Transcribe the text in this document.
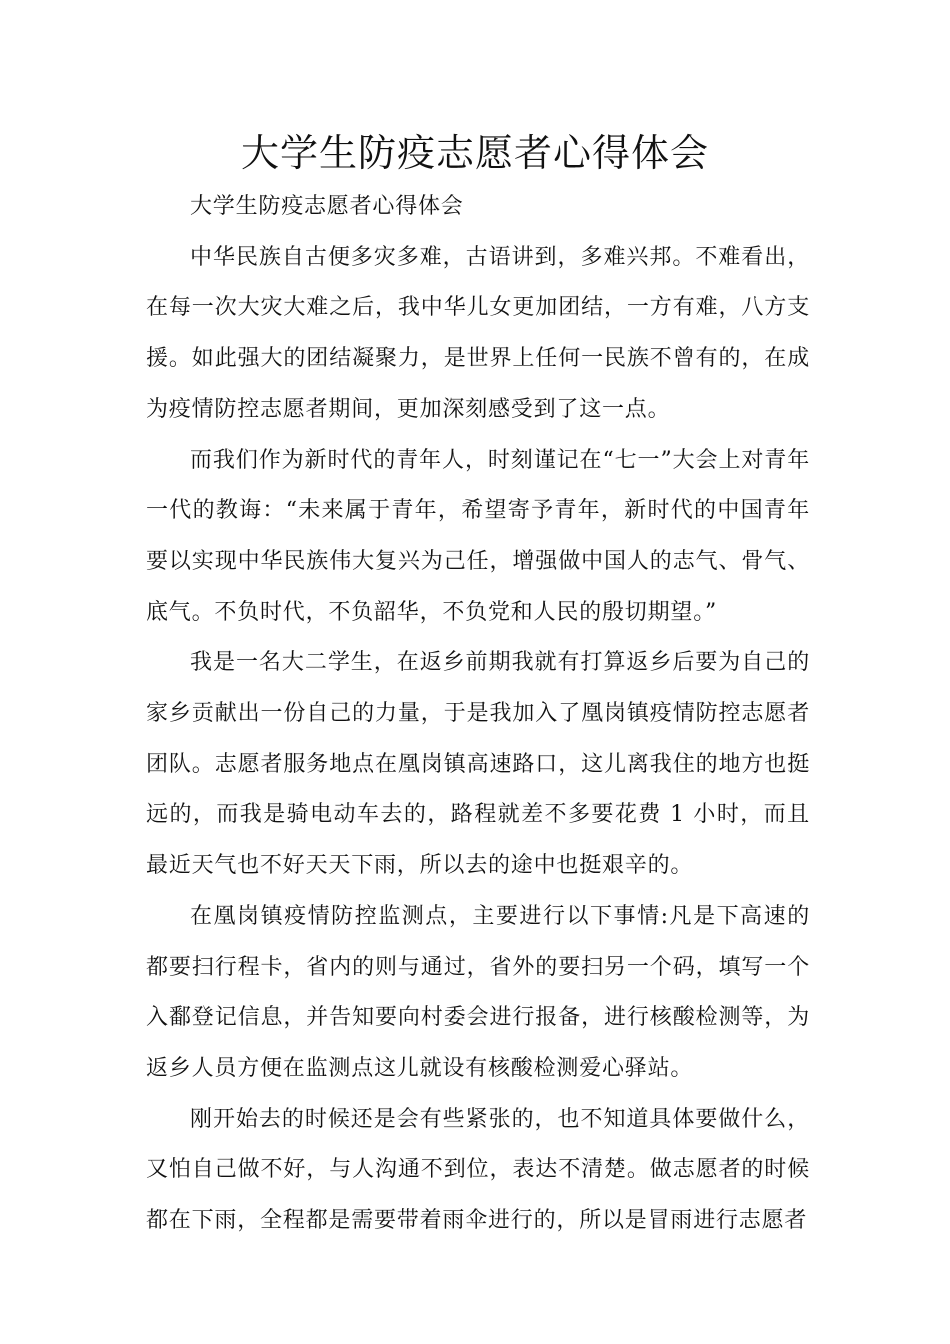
大学生防疫志愿者心得体会

大学生防疫志愿者心得体会

中华民族自古便多灾多难，古语讲到，多难兴邦。不难看出，在每一次大灾大难之后，我中华儿女更加团结，一方有难，八方支援。如此强大的团结凝聚力，是世界上任何一民族不曾有的，在成为疫情防控志愿者期间，更加深刻感受到了这一点。

而我们作为新时代的青年人，时刻谨记在“七一”大会上对青年一代的教诲：“未来属于青年，希望寄予青年，新时代的中国青年要以实现中华民族伟大复兴为己任，增强做中国人的志气、骨气、底气。不负时代，不负韶华，不负党和人民的殷切期望。”

我是一名大二学生，在返乡前期我就有打算返乡后要为自己的家乡贡献出一份自己的力量，于是我加入了凰岗镇疫情防控志愿者团队。志愿者服务地点在凰岗镇高速路口，这儿离我住的地方也挺远的，而我是骑电动车去的，路程就差不多要花费 1 小时，而且最近天气也不好天天下雨，所以去的途中也挺艰辛的。

在凰岗镇疫情防控监测点，主要进行以下事情:凡是下高速的都要扫行程卡，省内的则与通过，省外的要扫另一个码，填写一个入鄱登记信息，并告知要向村委会进行报备，进行核酸检测等，为返乡人员方便在监测点这儿就设有核酸检测爱心驿站。

刚开始去的时候还是会有些紧张的，也不知道具体要做什么，又怕自己做不好，与人沟通不到位，表达不清楚。做志愿者的时候都在下雨，全程都是需要带着雨伞进行的，所以是冒雨进行志愿者
